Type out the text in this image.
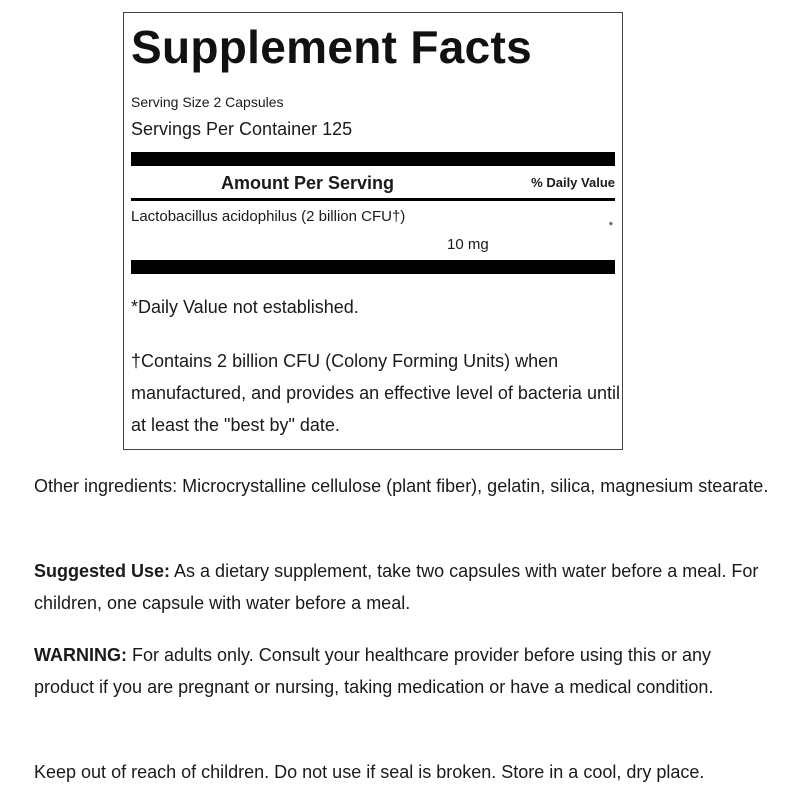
Supplement Facts
Serving Size 2 Capsules
Servings Per Container 125
Amount Per Serving	% Daily Value
Lactobacillus acidophilus (2 billion CFU†)
*
10 mg
*Daily Value not established.
†Contains 2 billion CFU (Colony Forming Units) when manufactured, and provides an effective level of bacteria until at least the "best by" date.
Other ingredients: Microcrystalline cellulose (plant fiber), gelatin, silica, magnesium stearate.
Suggested Use: As a dietary supplement, take two capsules with water before a meal. For children, one capsule with water before a meal.
WARNING: For adults only. Consult your healthcare provider before using this or any product if you are pregnant or nursing, taking medication or have a medical condition.
Keep out of reach of children. Do not use if seal is broken. Store in a cool, dry place.
